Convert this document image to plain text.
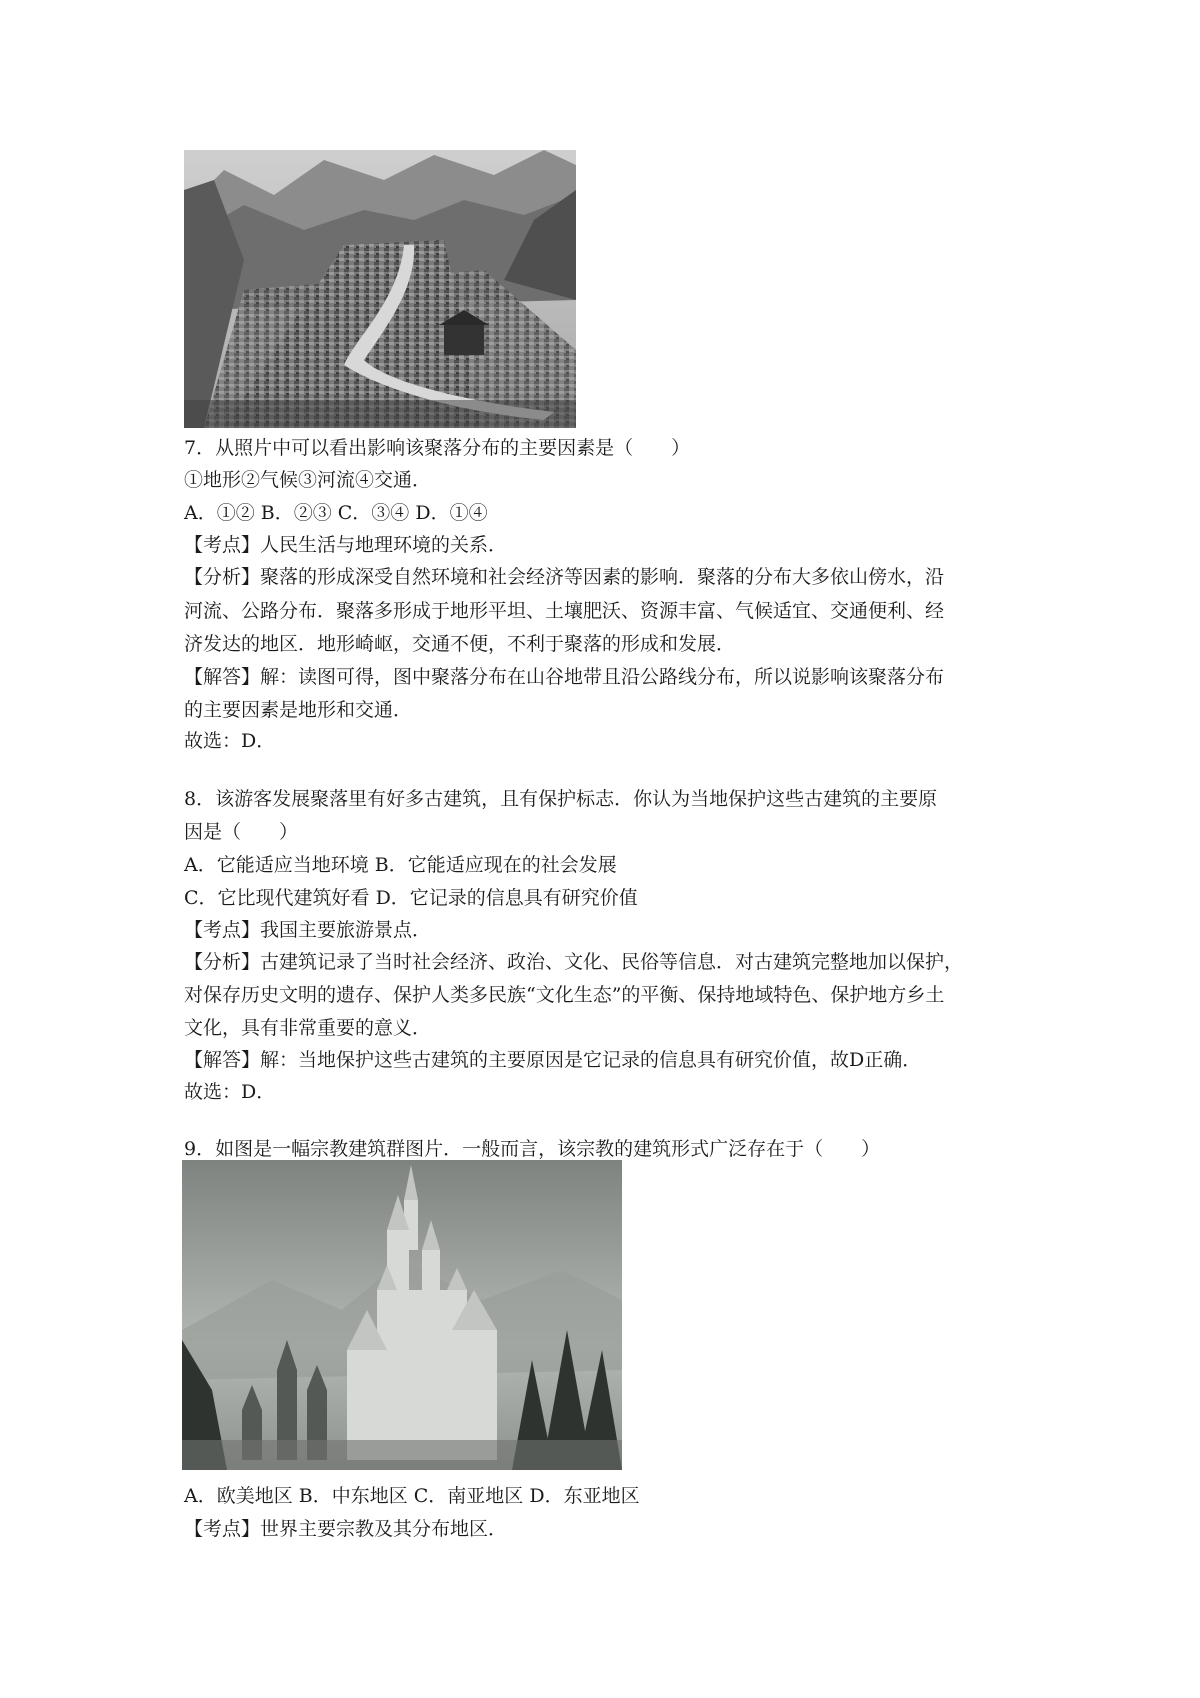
7．从照片中可以看出影响该聚落分布的主要因素是（　　）
①地形②气候③河流④交通．
A．①② B．②③ C．③④ D．①④
【考点】人民生活与地理环境的关系．
【分析】聚落的形成深受自然环境和社会经济等因素的影响．聚落的分布大多依山傍水，沿
河流、公路分布．聚落多形成于地形平坦、土壤肥沃、资源丰富、气候适宜、交通便利、经
济发达的地区．地形崎岖，交通不便，不利于聚落的形成和发展．
【解答】解：读图可得，图中聚落分布在山谷地带且沿公路线分布，所以说影响该聚落分布
的主要因素是地形和交通．
故选：D．
8．该游客发展聚落里有好多古建筑，且有保护标志．你认为当地保护这些古建筑的主要原
因是（　　）
A．它能适应当地环境 B．它能适应现在的社会发展
C．它比现代建筑好看 D．它记录的信息具有研究价值
【考点】我国主要旅游景点．
【分析】古建筑记录了当时社会经济、政治、文化、民俗等信息．对古建筑完整地加以保护，
对保存历史文明的遗存、保护人类多民族“文化生态”的平衡、保持地域特色、保护地方乡土
文化，具有非常重要的意义．
【解答】解：当地保护这些古建筑的主要原因是它记录的信息具有研究价值，故D正确．
故选：D．
9．如图是一幅宗教建筑群图片．一般而言，该宗教的建筑形式广泛存在于（　　）
A．欧美地区 B．中东地区 C．南亚地区 D．东亚地区
【考点】世界主要宗教及其分布地区．
